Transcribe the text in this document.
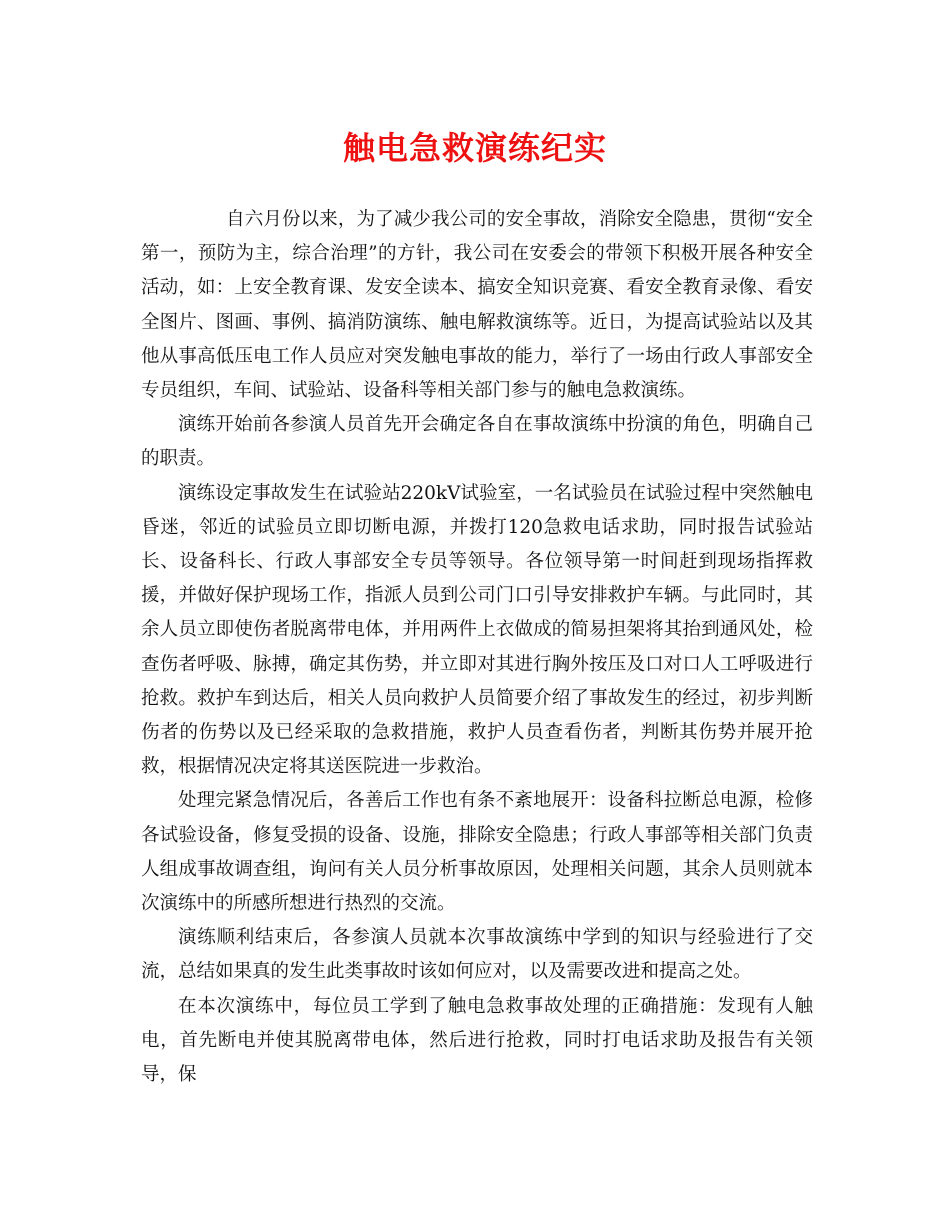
触电急救演练纪实

自六月份以来，为了减少我公司的安全事故，消除安全隐患，贯彻“安全第一，预防为主，综合治理”的方针，我公司在安委会的带领下积极开展各种安全活动，如：上安全教育课、发安全读本、搞安全知识竞赛、看安全教育录像、看安全图片、图画、事例、搞消防演练、触电解救演练等。近日，为提高试验站以及其他从事高低压电工作人员应对突发触电事故的能力，举行了一场由行政人事部安全专员组织，车间、试验站、设备科等相关部门参与的触电急救演练。

演练开始前各参演人员首先开会确定各自在事故演练中扮演的角色，明确自己的职责。

演练设定事故发生在试验站220kV试验室，一名试验员在试验过程中突然触电昏迷，邻近的试验员立即切断电源，并拨打120急救电话求助，同时报告试验站长、设备科长、行政人事部安全专员等领导。各位领导第一时间赶到现场指挥救援，并做好保护现场工作，指派人员到公司门口引导安排救护车辆。与此同时，其余人员立即使伤者脱离带电体，并用两件上衣做成的简易担架将其抬到通风处，检查伤者呼吸、脉搏，确定其伤势，并立即对其进行胸外按压及口对口人工呼吸进行抢救。救护车到达后，相关人员向救护人员简要介绍了事故发生的经过，初步判断伤者的伤势以及已经采取的急救措施，救护人员查看伤者，判断其伤势并展开抢救，根据情况决定将其送医院进一步救治。

处理完紧急情况后，各善后工作也有条不紊地展开：设备科拉断总电源，检修各试验设备，修复受损的设备、设施，排除安全隐患；行政人事部等相关部门负责人组成事故调查组，询问有关人员分析事故原因，处理相关问题，其余人员则就本次演练中的所感所想进行热烈的交流。

演练顺利结束后，各参演人员就本次事故演练中学到的知识与经验进行了交流，总结如果真的发生此类事故时该如何应对，以及需要改进和提高之处。

在本次演练中，每位员工学到了触电急救事故处理的正确措施：发现有人触电，首先断电并使其脱离带电体，然后进行抢救，同时打电话求助及报告有关领导，保
